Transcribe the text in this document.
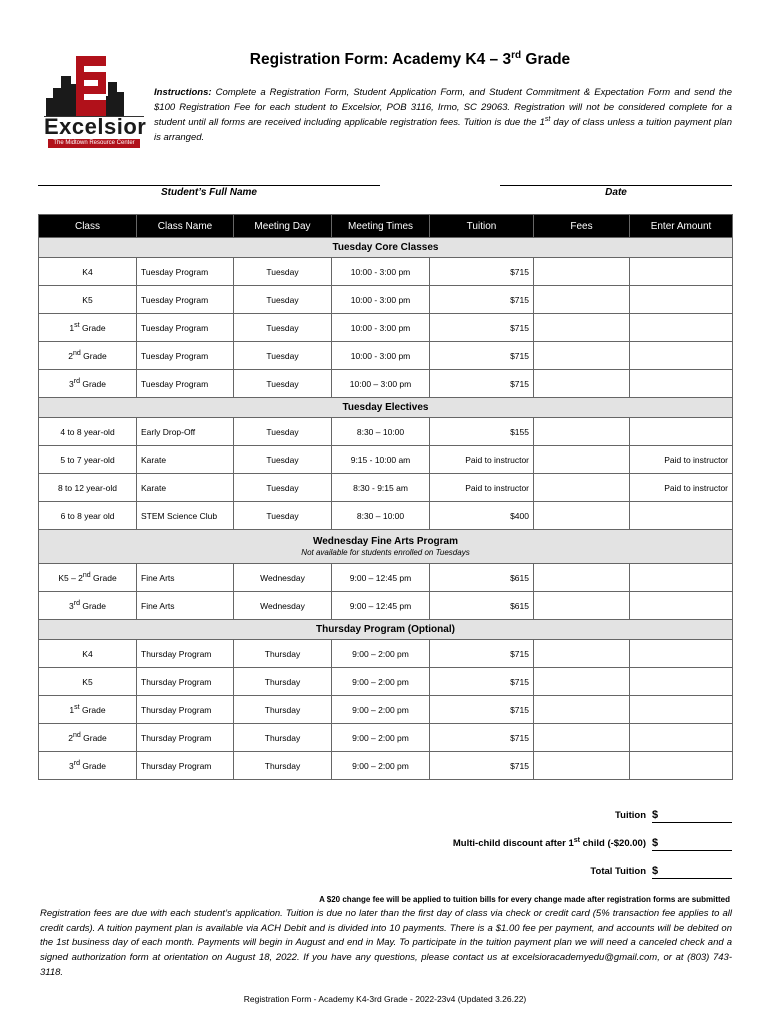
Excelsior
The Midtown Resource Center
Registration Form: Academy K4 – 3rd Grade
Instructions: Complete a Registration Form, Student Application Form, and Student Commitment & Expectation Form and send the $100 Registration Fee for each student to Excelsior, POB 3116, Irmo, SC 29063. Registration will not be considered complete for a student until all forms are received including applicable registration fees. Tuition is due the 1st day of class unless a tuition payment plan is arranged.
Student’s Full Name	Date
Class	Class Name	Meeting Day	Meeting Times	Tuition	Fees	Enter Amount
Tuesday Core Classes						
K4	Tuesday Program	Tuesday	10:00 - 3:00 pm	$715		
K5	Tuesday Program	Tuesday	10:00 - 3:00 pm	$715		
1st Grade	Tuesday Program	Tuesday	10:00 - 3:00 pm	$715		
2nd Grade	Tuesday Program	Tuesday	10:00 - 3:00 pm	$715		
3rd Grade	Tuesday Program	Tuesday	10:00 – 3:00 pm	$715		
Tuesday Electives						
4 to 8 year-old	Early Drop-Off	Tuesday	8:30 – 10:00	$155		
5 to 7 year-old	Karate	Tuesday	9:15 - 10:00 am	Paid to instructor		Paid to instructor
8 to 12 year-old	Karate	Tuesday	8:30 - 9:15 am	Paid to instructor		Paid to instructor
6 to 8 year old	STEM Science Club	Tuesday	8:30 – 10:00	$400		
Wednesday Fine Arts Program
Not available for students enrolled on Tuesdays						

K5 – 2nd Grade	Fine Arts	Wednesday	9:00 – 12:45 pm	$615		
3rd Grade	Fine Arts	Wednesday	9:00 – 12:45 pm	$615		
Thursday Program (Optional)						
K4	Thursday Program	Thursday	9:00 – 2:00 pm	$715		
K5	Thursday Program	Thursday	9:00 – 2:00 pm	$715		
1st Grade	Thursday Program	Thursday	9:00 – 2:00 pm	$715		
2nd Grade	Thursday Program	Thursday	9:00 – 2:00 pm	$715		
3rd Grade	Thursday Program	Thursday	9:00 – 2:00 pm	$715		
Tuition $
Multi-child discount after 1st child (-$20.00) $
Total Tuition $
A $20 change fee will be applied to tuition bills for every change made after registration forms are submitted
Registration fees are due with each student’s application. Tuition is due no later than the first day of class via check or credit card (5% transaction fee applies to all credit cards). A tuition payment plan is available via ACH Debit and is divided into 10 payments. There is a $1.00 fee per payment, and accounts will be debited on the 1st business day of each month. Payments will begin in August and end in May. To participate in the tuition payment plan we will need a canceled check and a signed authorization form at orientation on August 18, 2022. If you have any questions, please contact us at excelsioracademyedu@gmail.com, or at (803) 743-3118.
Registration Form - Academy K4-3rd Grade - 2022-23v4 (Updated 3.26.22)
